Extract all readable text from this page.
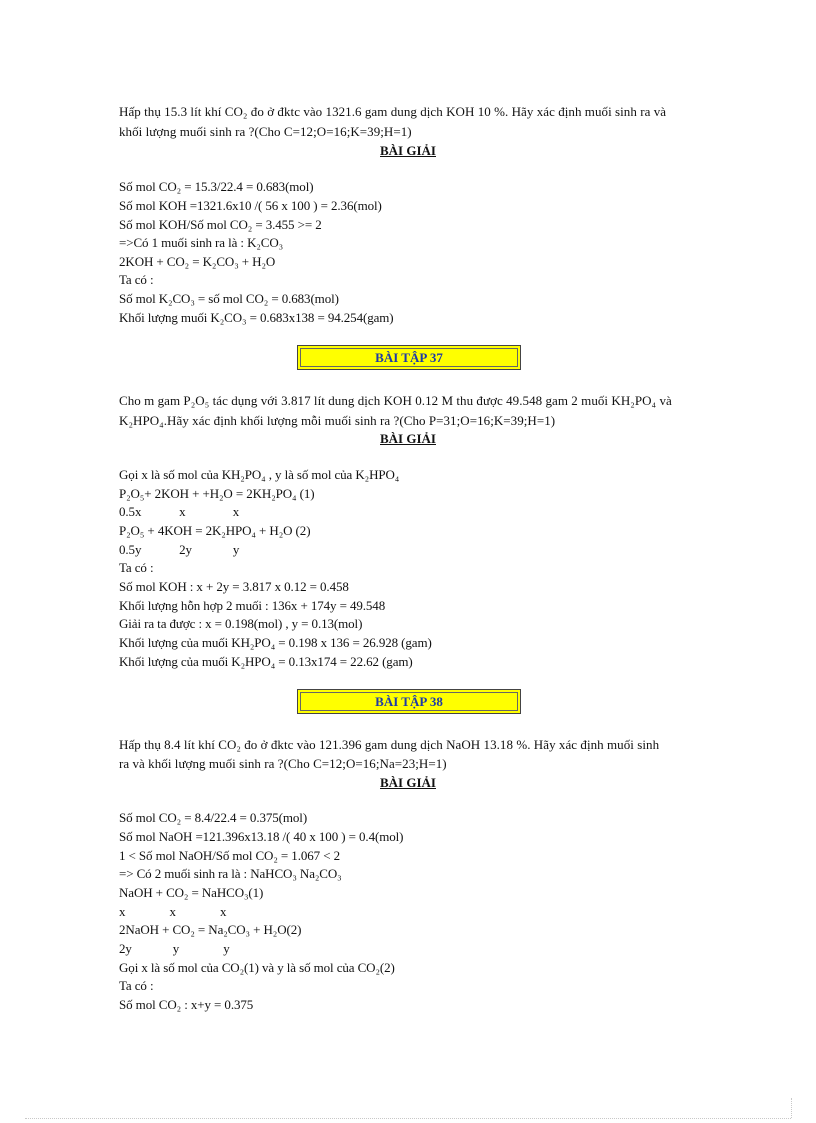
Hấp thụ 15.3 lít khí CO₂ đo ở đktc vào 1321.6 gam dung dịch KOH 10 %. Hãy xác định muối sinh ra và
khối lượng muối sinh ra ?(Cho C=12;O=16;K=39;H=1)
BÀI GIẢI
Số mol CO₂ = 15.3/22.4 = 0.683(mol)
Số mol KOH =1321.6x10 /( 56 x 100 ) = 2.36(mol)
Số mol KOH/Số mol CO₂ = 3.455 >= 2
=>Có 1 muối sinh ra là : K₂CO₃
2KOH + CO₂ = K₂CO₃ + H₂O
Ta có :
Số mol K₂CO₃ = số mol CO₂ = 0.683(mol)
Khối lượng muối K₂CO₃ = 0.683x138 = 94.254(gam)
BÀI TẬP 37
Cho m gam P₂O₅ tác dụng với 3.817 lít dung dịch KOH 0.12 M thu được 49.548 gam 2 muối KH₂PO₄ và
K₂HPO₄.Hãy xác định khối lượng mỗi muối sinh ra ?(Cho P=31;O=16;K=39;H=1)
BÀI GIẢI
Gọi x là số mol của KH₂PO₄ , y là số mol của K₂HPO₄
P₂O₅+ 2KOH + +H₂O = 2KH₂PO₄ (1)
0.5x            x               x
P₂O₅ + 4KOH = 2K₂HPO₄ + H₂O (2)
0.5y            2y             y
Ta có :
Số mol KOH : x + 2y = 3.817 x 0.12 = 0.458
Khối lượng hỗn hợp 2 muối : 136x + 174y = 49.548
Giải ra ta được : x = 0.198(mol) , y = 0.13(mol)
Khối lượng của muối KH₂PO₄ = 0.198 x 136 = 26.928 (gam)
Khối lượng của muối K₂HPO₄ = 0.13x174 = 22.62 (gam)
BÀI TẬP 38
Hấp thụ 8.4 lít khí CO₂ đo ở đktc vào 121.396 gam dung dịch NaOH 13.18 %. Hãy xác định muối sinh
ra và khối lượng muối sinh ra ?(Cho C=12;O=16;Na=23;H=1)
BÀI GIẢI
Số mol CO₂ = 8.4/22.4 = 0.375(mol)
Số mol NaOH =121.396x13.18 /( 40 x 100 ) = 0.4(mol)
1 < Số mol NaOH/Số mol CO₂ = 1.067 < 2
=> Có 2 muối sinh ra là : NaHCO₃ Na₂CO₃
NaOH + CO₂ = NaHCO₃(1)
x              x              x
2NaOH + CO₂ = Na₂CO₃ + H₂O(2)
2y             y              y
Gọi x là số mol của CO₂(1) và y là số mol của CO₂(2)
Ta có :
Số mol CO₂ : x+y = 0.375
